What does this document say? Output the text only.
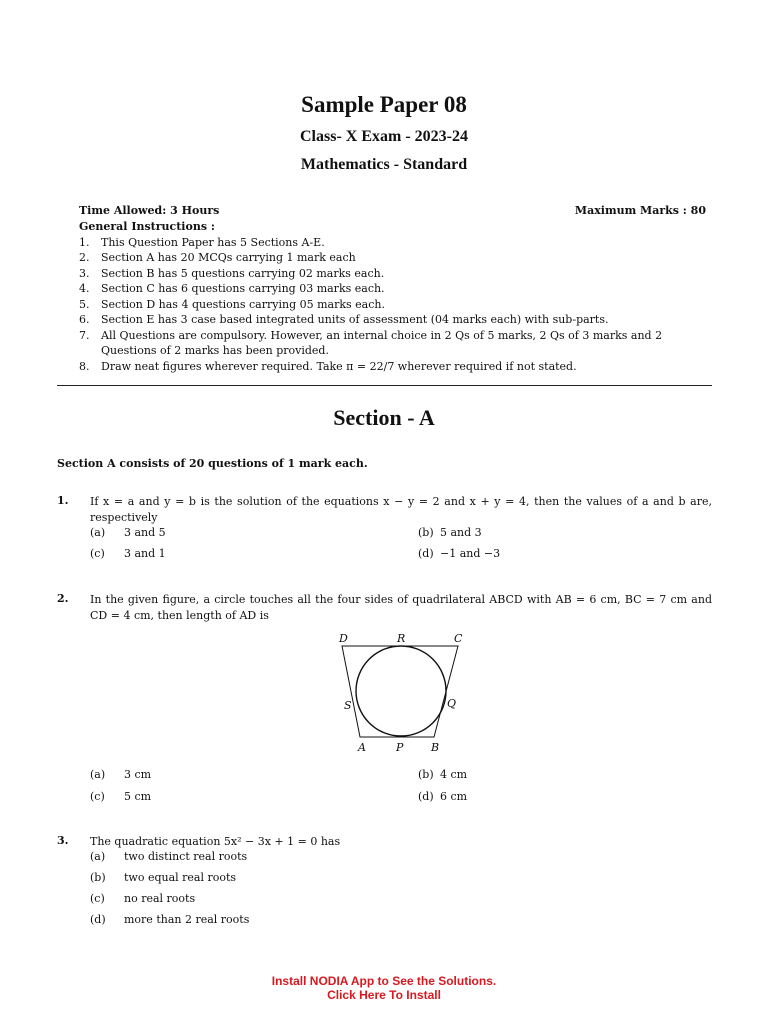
Sample Paper 08
Class- X Exam - 2023-24
Mathematics - Standard
Time Allowed: 3 Hours	Maximum Marks : 80
General Instructions :
1.	This Question Paper has 5 Sections A-E.
2.	Section A has 20 MCQs carrying 1 mark each
3.	Section B has 5 questions carrying 02 marks each.
4.	Section C has 6 questions carrying 03 marks each.
5.	Section D has 4 questions carrying 05 marks each.
6.	Section E has 3 case based integrated units of assessment (04 marks each) with sub-parts.
7.	All Questions are compulsory. However, an internal choice in 2 Qs of 5 marks, 2 Qs of 3 marks and 2 Questions of 2 marks has been provided.
8.	Draw neat figures wherever required. Take π = 22/7 wherever required if not stated.
Section - A
Section A consists of 20 questions of 1 mark each.
1. If x = a and y = b is the solution of the equations x − y = 2 and x + y = 4, then the values of a and b are, respectively
(a)	3 and 5	(b) 5 and 3
(c)	3 and 1	(d) −1 and −3
2. In the given figure, a circle touches all the four sides of quadrilateral ABCD with AB = 6 cm, BC = 7 cm and CD = 4 cm, then length of AD is
D	R	C
S	Q
A	P	B
(a)	3 cm	(b) 4 cm
(c)	5 cm	(d) 6 cm
3. The quadratic equation 5x² − 3x + 1 = 0 has
(a)	two distinct real roots
(b)	two equal real roots
(c)	no real roots
(d)	more than 2 real roots
Install NODIA App to See the Solutions.
Click Here To Install
